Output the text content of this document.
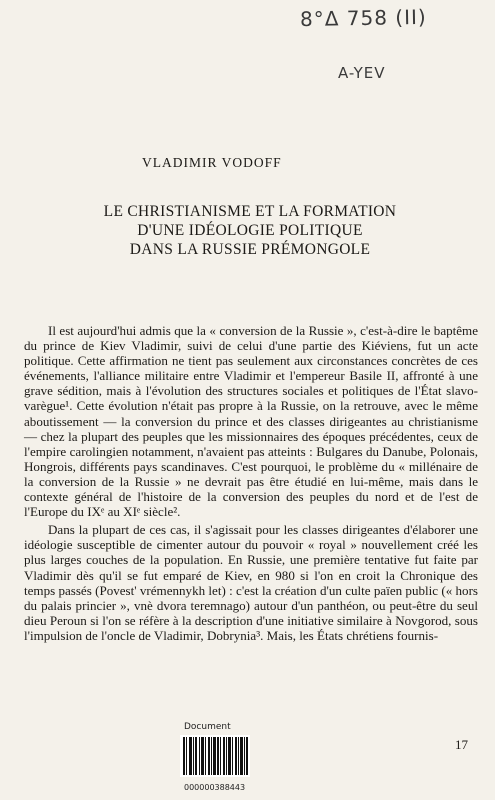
8°Δ 758 (II)
A-YEV
VLADIMIR VODOFF
LE CHRISTIANISME ET LA FORMATION
D'UNE IDÉOLOGIE POLITIQUE
DANS LA RUSSIE PRÉMONGOLE

Il est aujourd'hui admis que la « conversion de la Russie », c'est-à-dire le baptême du prince de Kiev Vladimir, suivi de celui d'une partie des Kiéviens, fut un acte politique. Cette affirmation ne tient pas seulement aux circonstances concrètes de ces événements, l'alliance militaire entre Vladimir et l'empereur Basile II, affronté à une grave sédition, mais à l'évolution des structures sociales et politiques de l'État slavo-varègue¹. Cette évolution n'était pas propre à la Russie, on la retrouve, avec le même aboutissement — la conversion du prince et des classes dirigeantes au christianisme — chez la plupart des peuples que les missionnaires des époques précédentes, ceux de l'empire carolingien notamment, n'avaient pas atteints : Bulgares du Danube, Polonais, Hongrois, différents pays scandinaves. C'est pourquoi, le problème du « millénaire de la conversion de la Russie » ne devrait pas être étudié en lui-même, mais dans le contexte général de l'histoire de la conversion des peuples du nord et de l'est de l'Europe du IXᵉ au XIᵉ siècle².

Dans la plupart de ces cas, il s'agissait pour les classes dirigeantes d'élaborer une idéologie susceptible de cimenter autour du pouvoir « royal » nouvellement créé les plus larges couches de la population. En Russie, une première tentative fut faite par Vladimir dès qu'il se fut emparé de Kiev, en 980 si l'on en croit la Chronique des temps passés (Povest' vrémennykh let) : c'est la création d'un culte païen public (« hors du palais princier », vnè dvora teremnago) autour d'un panthéon, ou peut-être du seul dieu Peroun si l'on se réfère à la description d'une initiative similaire à Novgorod, sous l'impulsion de l'oncle de Vladimir, Dobrynia³. Mais, les États chrétiens fournis-

Document
000000388443
17
